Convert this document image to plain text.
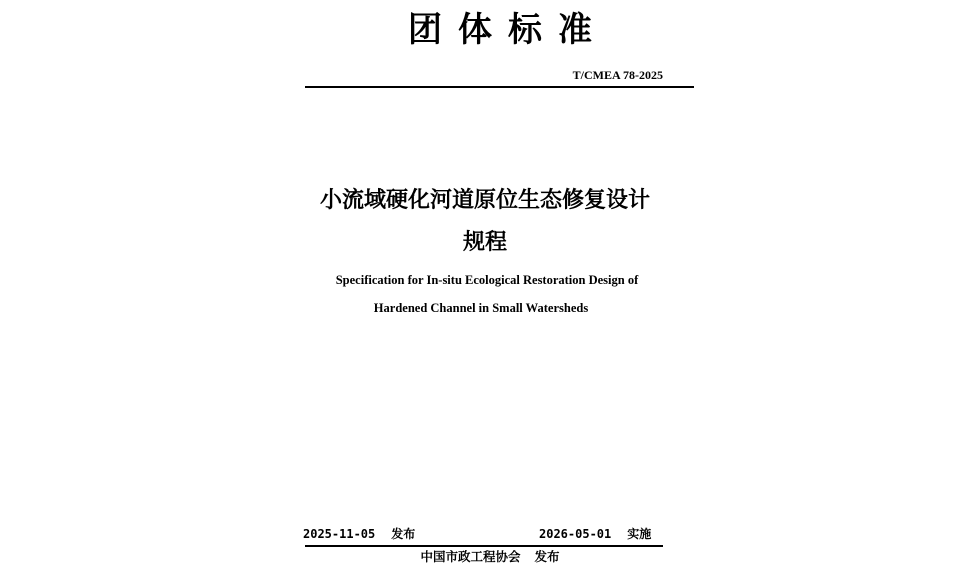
团体标准
T/CMEA 78-2025
小流域硬化河道原位生态修复设计
规程
Specification for In-situ Ecological Restoration Design of
Hardened Channel in Small Watersheds
2025-11-05 发布	2026-05-01 实施
中国市政工程协会 发布
